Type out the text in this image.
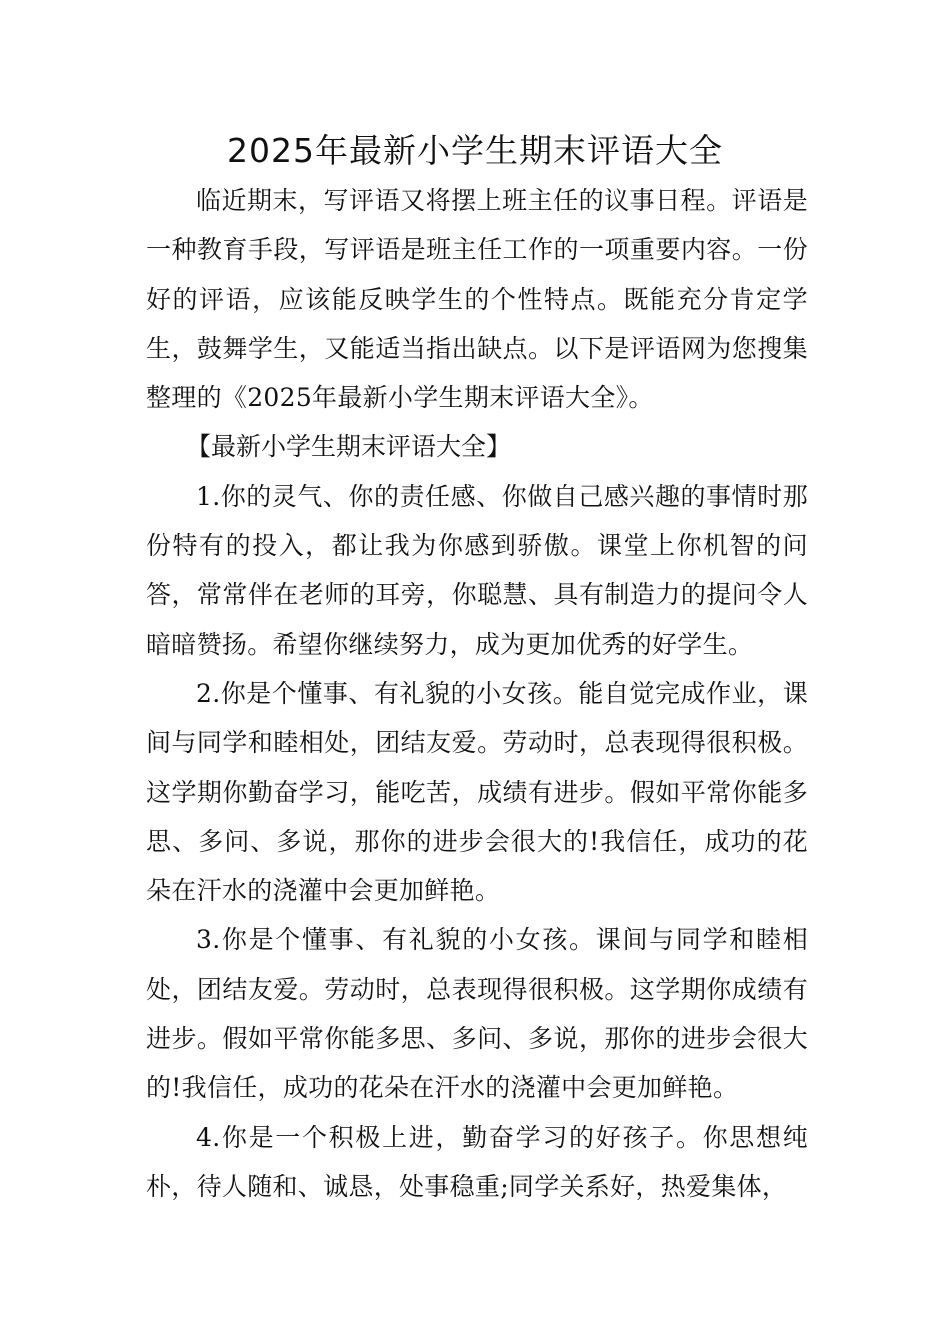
2025年最新小学生期末评语大全

临近期末，写评语又将摆上班主任的议事日程。评语是一种教育手段，写评语是班主任工作的一项重要内容。一份好的评语，应该能反映学生的个性特点。既能充分肯定学生，鼓舞学生，又能适当指出缺点。以下是评语网为您搜集整理的《2025年最新小学生期末评语大全》。

【最新小学生期末评语大全】

1.你的灵气、你的责任感、你做自己感兴趣的事情时那份特有的投入，都让我为你感到骄傲。课堂上你机智的问答，常常伴在老师的耳旁，你聪慧、具有制造力的提问令人暗暗赞扬。希望你继续努力，成为更加优秀的好学生。

2.你是个懂事、有礼貌的小女孩。能自觉完成作业，课间与同学和睦相处，团结友爱。劳动时，总表现得很积极。这学期你勤奋学习，能吃苦，成绩有进步。假如平常你能多思、多问、多说，那你的进步会很大的!我信任，成功的花朵在汗水的浇灌中会更加鲜艳。

3.你是个懂事、有礼貌的小女孩。课间与同学和睦相处，团结友爱。劳动时，总表现得很积极。这学期你成绩有进步。假如平常你能多思、多问、多说，那你的进步会很大的!我信任，成功的花朵在汗水的浇灌中会更加鲜艳。

4.你是一个积极上进，勤奋学习的好孩子。你思想纯朴，待人随和、诚恳，处事稳重;同学关系好，热爱集体，
